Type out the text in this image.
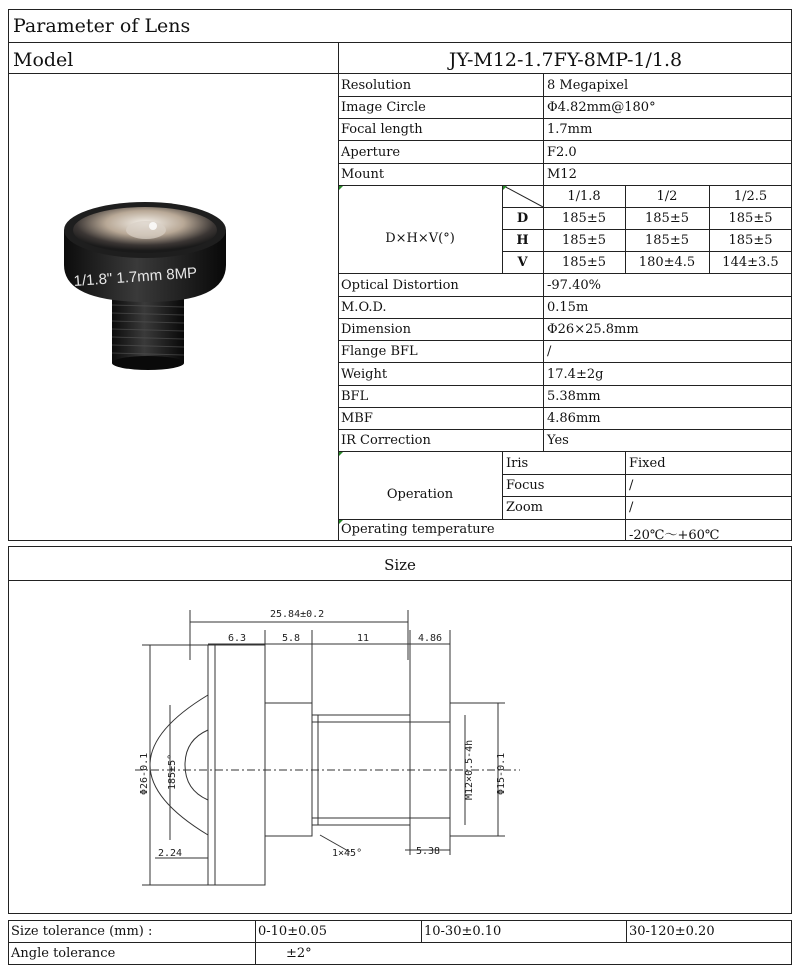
Parameter of Lens
Model	JY-M12-1.7FY-8MP-1/1.8
1/1.8" 1.7mm 8MP
Resolution	8 Megapixel
Image Circle	Φ4.82mm@180°
Focal length	1.7mm
Aperture	F2.0
Mount	M12
D×H×V(°)
1/1.8	1/2	1/2.5
D	185±5	185±5	185±5
H	185±5	185±5	185±5
V	185±5	180±4.5	144±3.5
Optical Distortion	-97.40%
M.O.D.	0.15m
Dimension	Φ26×25.8mm
Flange BFL	/
Weight	17.4±2g
BFL	5.38mm
MBF	4.86mm
IR Correction	Yes
Operation
Iris	Fixed
Focus	/
Zoom	/
Operating temperature	-20℃～+60℃
Size
25.84±0.2
6.3	5.8	11	4.86
2.24	1×45°	5.38
Φ26-0.1 185±5°	M12×0.5-4h Φ15-0.1
Size tolerance (mm) :	0-10±0.05	10-30±0.10	30-120±0.20
Angle tolerance	±2°
